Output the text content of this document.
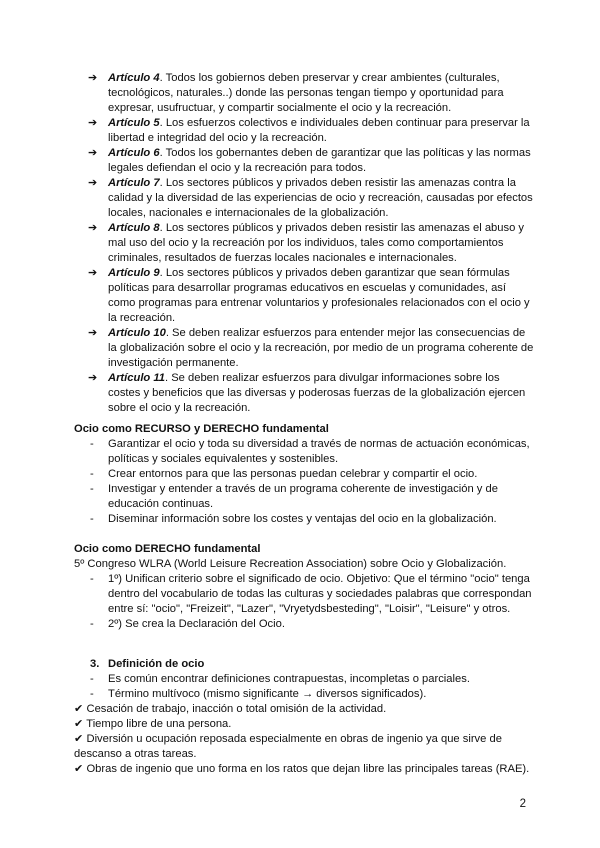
➔ Artículo 4. Todos los gobiernos deben preservar y crear ambientes (culturales, tecnológicos, naturales..) donde las personas tengan tiempo y oportunidad para expresar, usufructuar, y compartir socialmente el ocio y la recreación.
➔ Artículo 5. Los esfuerzos colectivos e individuales deben continuar para preservar la libertad e integridad del ocio y la recreación.
➔ Artículo 6. Todos los gobernantes deben de garantizar que las políticas y las normas legales defiendan el ocio y la recreación para todos.
➔ Artículo 7. Los sectores públicos y privados deben resistir las amenazas contra la calidad y la diversidad de las experiencias de ocio y recreación, causadas por efectos locales, nacionales e internacionales de la globalización.
➔ Artículo 8. Los sectores públicos y privados deben resistir las amenazas el abuso y mal uso del ocio y la recreación por los individuos, tales como comportamientos criminales, resultados de fuerzas locales nacionales e internacionales.
➔ Artículo 9. Los sectores públicos y privados deben garantizar que sean fórmulas políticas para desarrollar programas educativos en escuelas y comunidades, así como programas para entrenar voluntarios y profesionales relacionados con el ocio y la recreación.
➔ Artículo 10. Se deben realizar esfuerzos para entender mejor las consecuencias de la globalización sobre el ocio y la recreación, por medio de un programa coherente de investigación permanente.
➔ Artículo 11. Se deben realizar esfuerzos para divulgar informaciones sobre los costes y beneficios que las diversas y poderosas fuerzas de la globalización ejercen sobre el ocio y la recreación.
Ocio como RECURSO y DERECHO fundamental
- Garantizar el ocio y toda su diversidad a través de normas de actuación económicas, políticas y sociales equivalentes y sostenibles.
- Crear entornos para que las personas puedan celebrar y compartir el ocio.
- Investigar y entender a través de un programa coherente de investigación y de educación continuas.
- Diseminar información sobre los costes y ventajas del ocio en la globalización.
Ocio como DERECHO fundamental
5º Congreso WLRA (World Leisure Recreation Association) sobre Ocio y Globalización.
- 1º) Unifican criterio sobre el significado de ocio. Objetivo: Que el término "ocio" tenga dentro del vocabulario de todas las culturas y sociedades palabras que correspondan entre sí: "ocio", "Freizeit", "Lazer", "Vryetydsbesteding", "Loisir", "Leisure" y otros.
- 2º) Se crea la Declaración del Ocio.
3. Definición de ocio
- Es común encontrar definiciones contrapuestas, incompletas o parciales.
- Término multívoco (mismo significante → diversos significados).
✔ Cesación de trabajo, inacción o total omisión de la actividad.
✔ Tiempo libre de una persona.
✔ Diversión u ocupación reposada especialmente en obras de ingenio ya que sirve de descanso a otras tareas.
✔ Obras de ingenio que uno forma en los ratos que dejan libre las principales tareas (RAE).
2
